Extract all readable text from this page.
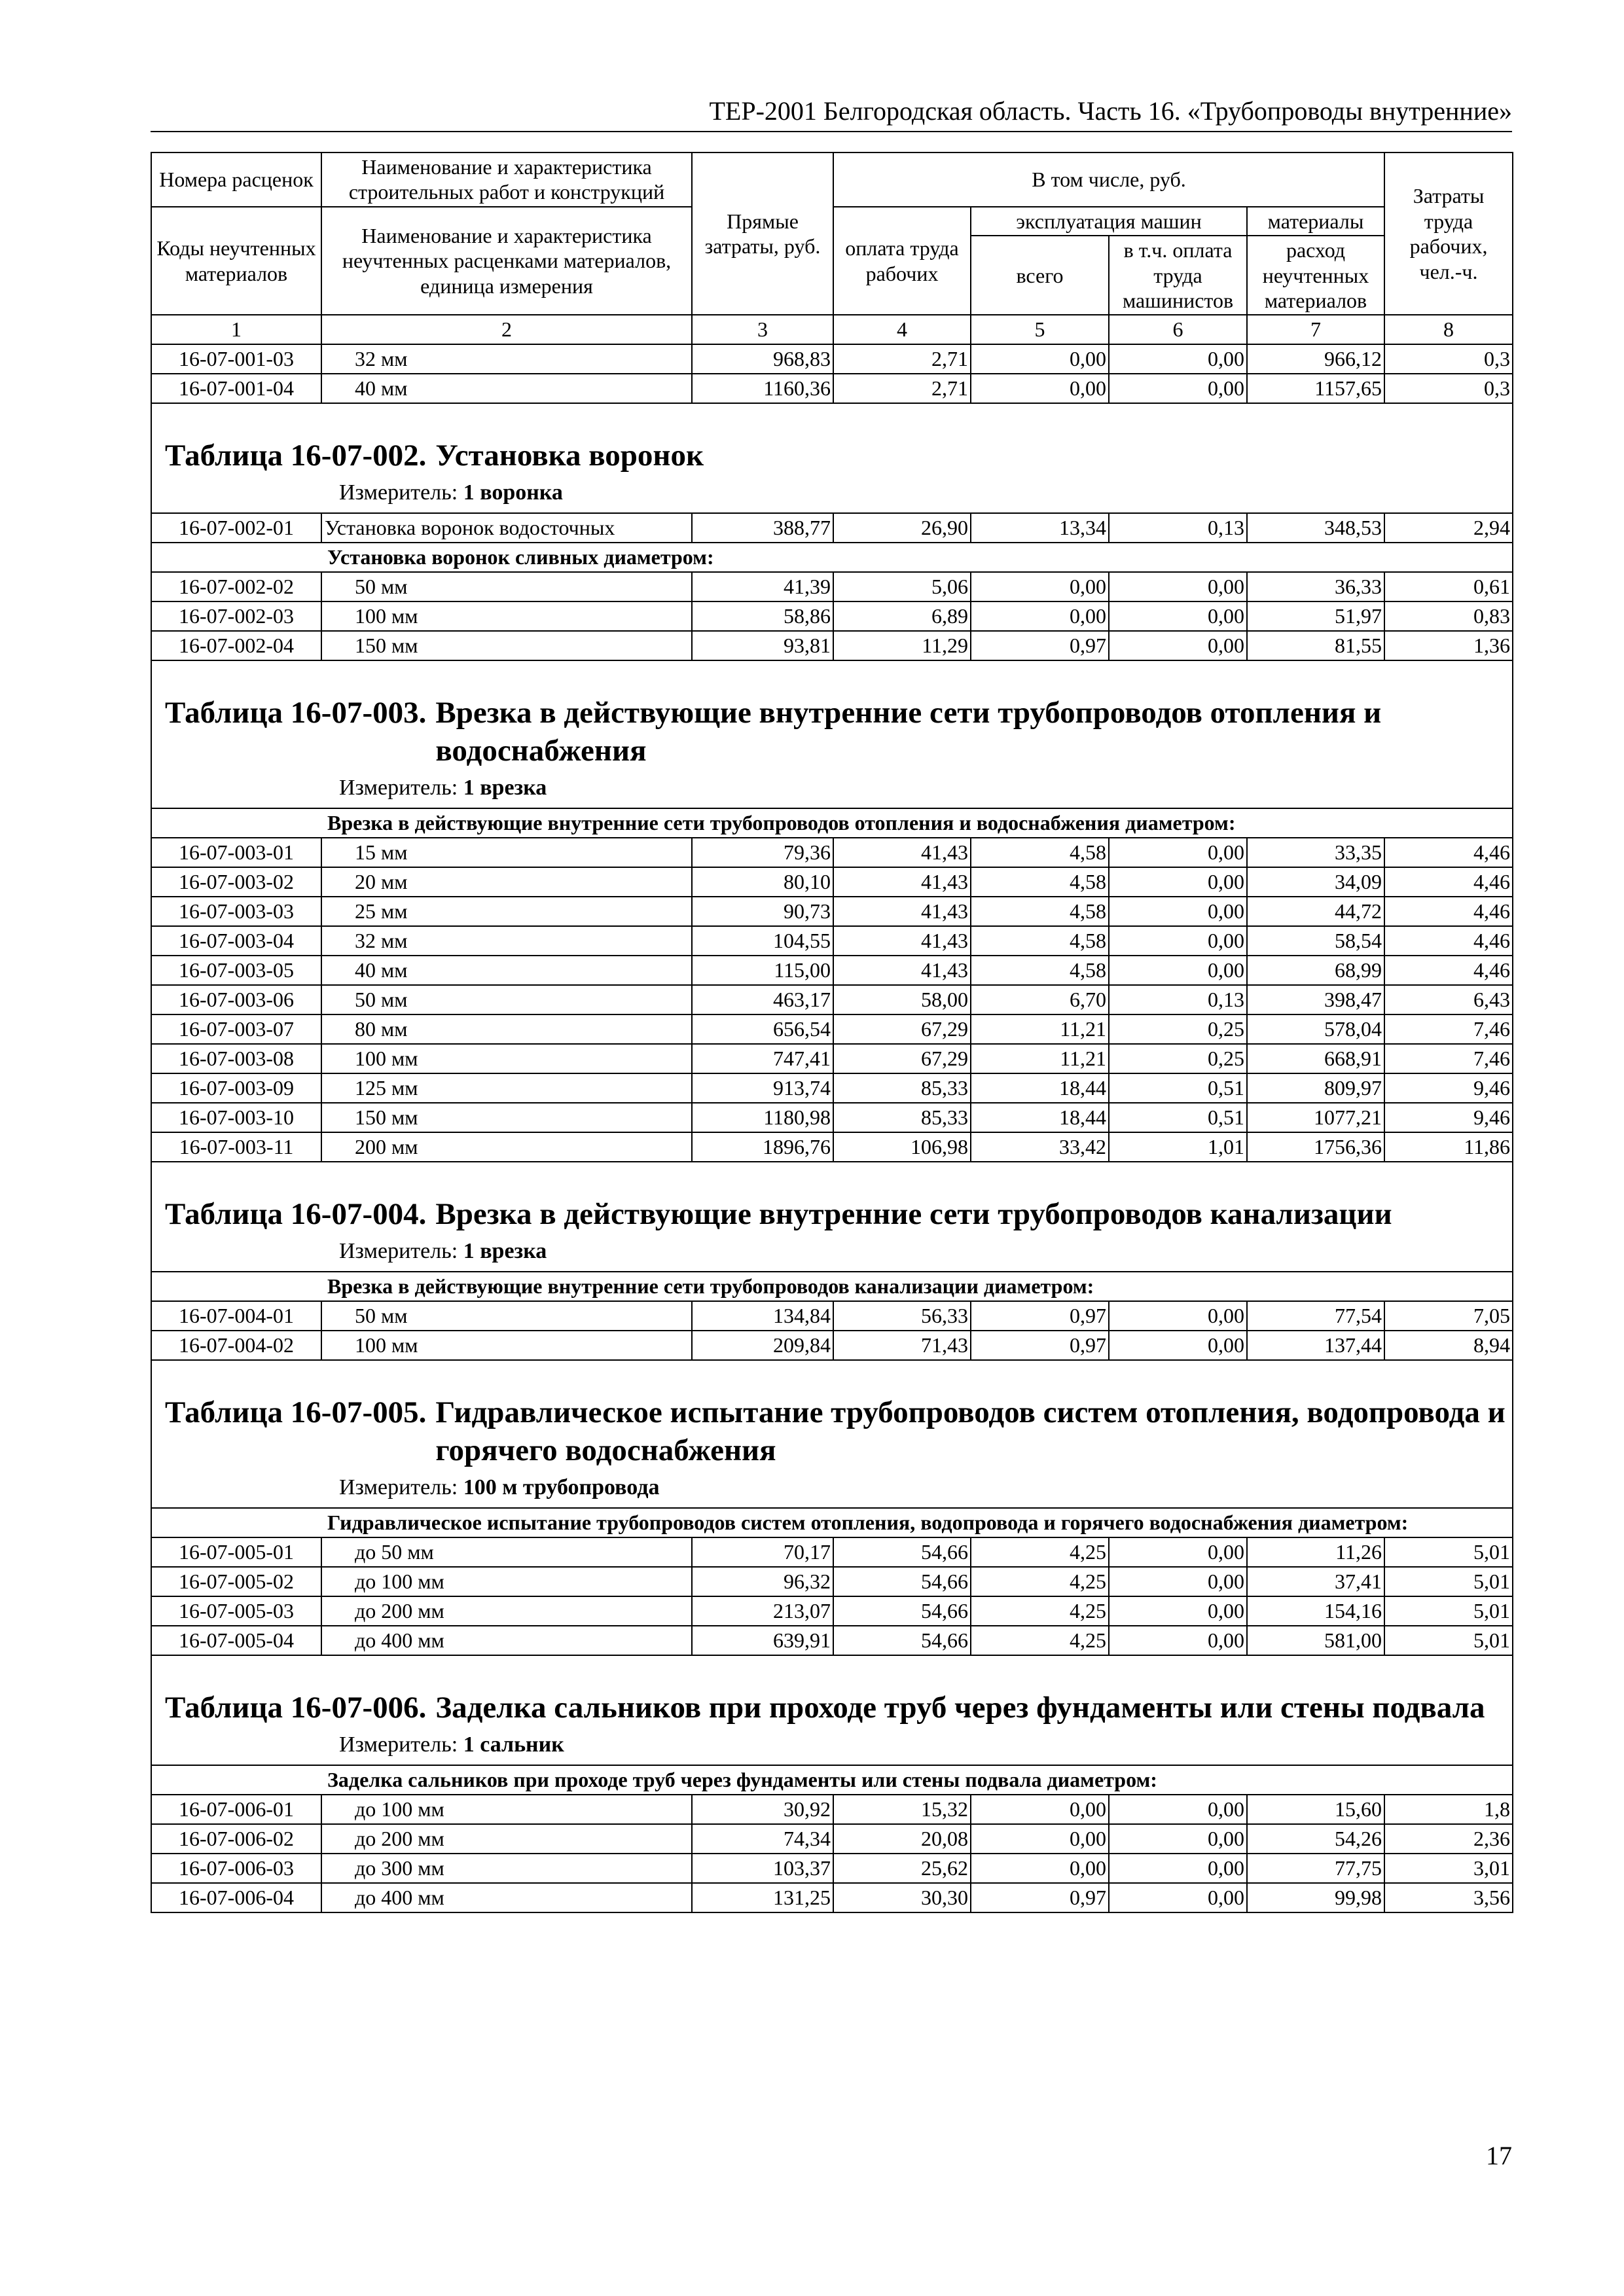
ТЕР-2001 Белгородская область. Часть 16. «Трубопроводы внутренние»
Номера расценок	Наименование и характеристика строительных работ и конструкций	Прямые затраты, руб.	В том числе, руб.				Затраты труда рабочих, чел.-ч.
Коды неучтенных материалов	Наименование и характеристика неучтенных расценками материалов, единица измерения		оплата труда рабочих	эксплуатация машин		материалы	
				всего	в т.ч. оплата труда машинистов	расход неучтенных материалов	
1	2	3	4	5	6	7	8
16-07-001-03	32 мм	968,83	2,71	0,00	0,00	966,12	0,3
16-07-001-04	40 мм	1160,36	2,71	0,00	0,00	1157,65	0,3

Таблица 16-07-002. Установка воронок
Измеритель: 1 воронка							

16-07-002-01	Установка воронок водосточных	388,77	26,90	13,34	0,13	348,53	2,94
Установка воронок сливных диаметром:							
16-07-002-02	50 мм	41,39	5,06	0,00	0,00	36,33	0,61
16-07-002-03	100 мм	58,86	6,89	0,00	0,00	51,97	0,83
16-07-002-04	150 мм	93,81	11,29	0,97	0,00	81,55	1,36

Таблица 16-07-003. Врезка в действующие внутренние сети трубопроводов отопления и водоснабжения
Измеритель: 1 врезка							

Врезка в действующие внутренние сети трубопроводов отопления и водоснабжения диаметром:							
16-07-003-01	15 мм	79,36	41,43	4,58	0,00	33,35	4,46
16-07-003-02	20 мм	80,10	41,43	4,58	0,00	34,09	4,46
16-07-003-03	25 мм	90,73	41,43	4,58	0,00	44,72	4,46
16-07-003-04	32 мм	104,55	41,43	4,58	0,00	58,54	4,46
16-07-003-05	40 мм	115,00	41,43	4,58	0,00	68,99	4,46
16-07-003-06	50 мм	463,17	58,00	6,70	0,13	398,47	6,43
16-07-003-07	80 мм	656,54	67,29	11,21	0,25	578,04	7,46
16-07-003-08	100 мм	747,41	67,29	11,21	0,25	668,91	7,46
16-07-003-09	125 мм	913,74	85,33	18,44	0,51	809,97	9,46
16-07-003-10	150 мм	1180,98	85,33	18,44	0,51	1077,21	9,46
16-07-003-11	200 мм	1896,76	106,98	33,42	1,01	1756,36	11,86

Таблица 16-07-004. Врезка в действующие внутренние сети трубопроводов канализации
Измеритель: 1 врезка							

Врезка в действующие внутренние сети трубопроводов канализации диаметром:							
16-07-004-01	50 мм	134,84	56,33	0,97	0,00	77,54	7,05
16-07-004-02	100 мм	209,84	71,43	0,97	0,00	137,44	8,94

Таблица 16-07-005. Гидравлическое испытание трубопроводов систем отопления, водопровода и горячего водоснабжения
Измеритель: 100 м трубопровода							

Гидравлическое испытание трубопроводов систем отопления, водопровода и горячего водоснабжения диаметром:							
16-07-005-01	до 50 мм	70,17	54,66	4,25	0,00	11,26	5,01
16-07-005-02	до 100 мм	96,32	54,66	4,25	0,00	37,41	5,01
16-07-005-03	до 200 мм	213,07	54,66	4,25	0,00	154,16	5,01
16-07-005-04	до 400 мм	639,91	54,66	4,25	0,00	581,00	5,01

Таблица 16-07-006. Заделка сальников при проходе труб через фундаменты или стены подвала
Измеритель: 1 сальник							

Заделка сальников при проходе труб через фундаменты или стены подвала диаметром:							
16-07-006-01	до 100 мм	30,92	15,32	0,00	0,00	15,60	1,8
16-07-006-02	до 200 мм	74,34	20,08	0,00	0,00	54,26	2,36
16-07-006-03	до 300 мм	103,37	25,62	0,00	0,00	77,75	3,01
16-07-006-04	до 400 мм	131,25	30,30	0,97	0,00	99,98	3,56
17
